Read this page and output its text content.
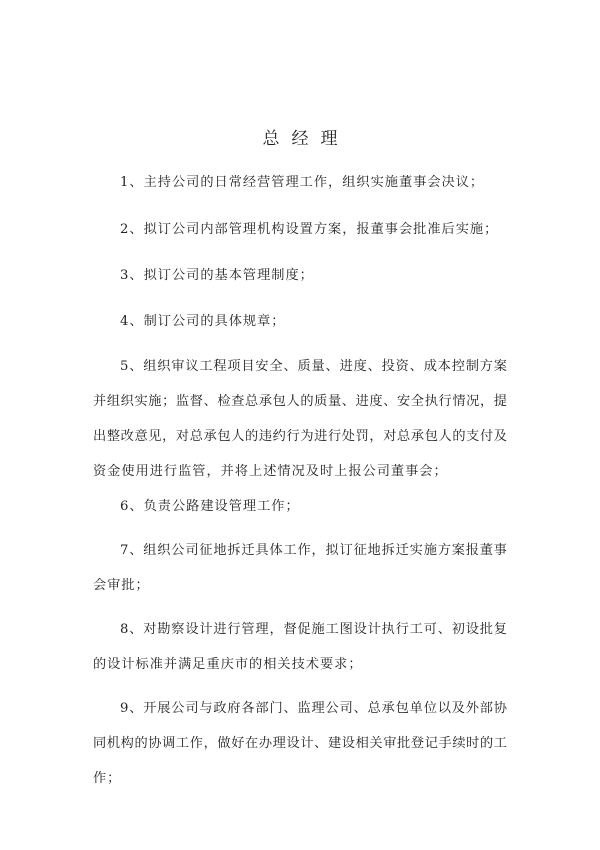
总经理
1、主持公司的日常经营管理工作，组织实施董事会决议；
2、拟订公司内部管理机构设置方案，报董事会批准后实施；
3、拟订公司的基本管理制度；
4、制订公司的具体规章；
5、组织审议工程项目安全、质量、进度、投资、成本控制方案
并组织实施；监督、检查总承包人的质量、进度、安全执行情况，提
出整改意见，对总承包人的违约行为进行处罚，对总承包人的支付及
资金使用进行监管，并将上述情况及时上报公司董事会；
6、负责公路建设管理工作；
7、组织公司征地拆迁具体工作，拟订征地拆迁实施方案报董事
会审批；
8、对勘察设计进行管理，督促施工图设计执行工可、初设批复
的设计标准并满足重庆市的相关技术要求；
9、开展公司与政府各部门、监理公司、总承包单位以及外部协
同机构的协调工作，做好在办理设计、建设相关审批登记手续时的工
作；
